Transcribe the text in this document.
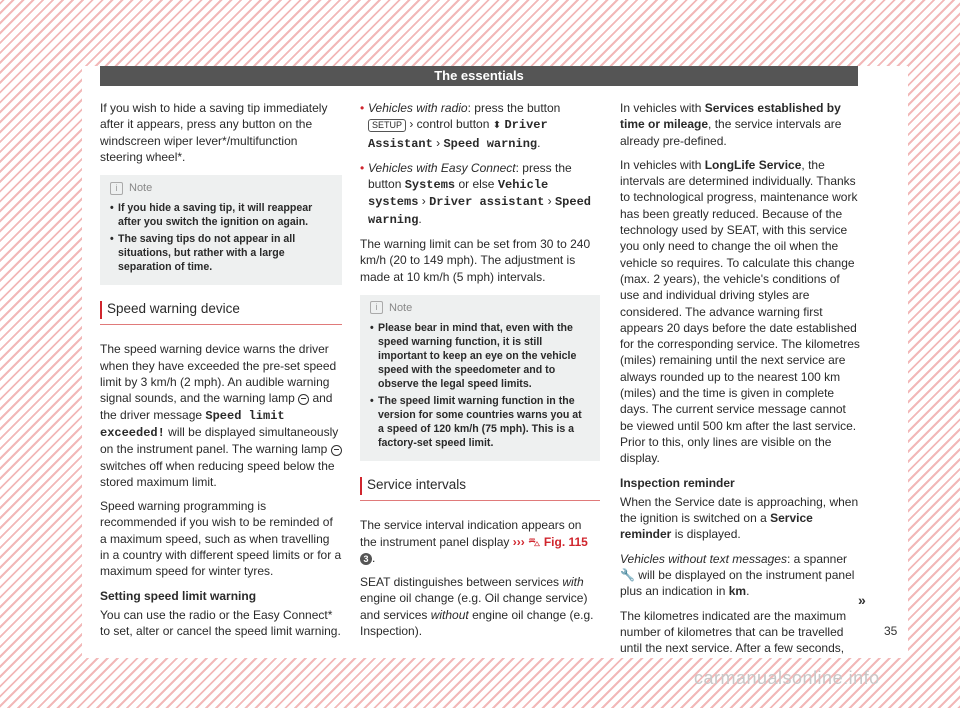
The essentials

If you wish to hide a saving tip immediately after it appears, press any button on the windscreen wiper lever*/multifunction steering wheel*.

i	Note
• If you hide a saving tip, it will reappear after you switch the ignition on again.
• The saving tips do not appear in all situations, but rather with a large separation of time.
Speed warning device

The speed warning device warns the driver when they have exceeded the pre-set speed limit by 3 km/h (2 mph). An audible warning signal sounds, and the warning lamp  and the driver message Speed limit exceeded! will be displayed simultaneously on the instrument panel. The warning lamp  switches off when reducing speed below the stored maximum limit.

Speed warning programming is recommended if you wish to be reminded of a maximum speed, such as when travelling in a country with different speed limits or for a maximum speed for winter tyres.

Setting speed limit warning

You can use the radio or the Easy Connect* to set, alter or cancel the speed limit warning.

• Vehicles with radio: press the button SETUP › control button ⬍ Driver Assistant › Speed warning.

• Vehicles with Easy Connect: press the button Systems or else Vehicle systems › Driver assistant › Speed warning.

The warning limit can be set from 30 to 240 km/h (20 to 149 mph). The adjustment is made at 10 km/h (5 mph) intervals.

i	Note
• Please bear in mind that, even with the speed warning function, it is still important to keep an eye on the vehicle speed with the speedometer and to observe the legal speed limits.
• The speed limit warning function in the version for some countries warns you at a speed of 120 km/h (75 mph). This is a factory-set speed limit.
Service intervals

The service interval indication appears on the instrument panel display ››› ⛍ Fig. 115 3 .

SEAT distinguishes between services with engine oil change (e.g. Oil change service) and services without engine oil change (e.g. Inspection).

In vehicles with Services established by time or mileage, the service intervals are already pre-defined.

In vehicles with LongLife Service, the intervals are determined individually. Thanks to technological progress, maintenance work has been greatly reduced. Because of the technology used by SEAT, with this service you only need to change the oil when the vehicle so requires. To calculate this change (max. 2 years), the vehicle's conditions of use and individual driving styles are considered. The advance warning first appears 20 days before the date established for the corresponding service. The kilometres (miles) remaining until the next service are always rounded up to the nearest 100 km (miles) and the time is given in complete days. The current service message cannot be viewed until 500 km after the last service. Prior to this, only lines are visible on the display.

Inspection reminder

When the Service date is approaching, when the ignition is switched on a Service reminder is displayed.

Vehicles without text messages: a spanner 🔧 will be displayed on the instrument panel plus an indication in km.

The kilometres indicated are the maximum number of kilometres that can be travelled until the next service. After a few seconds,

»
35
carmanualsonline.info
